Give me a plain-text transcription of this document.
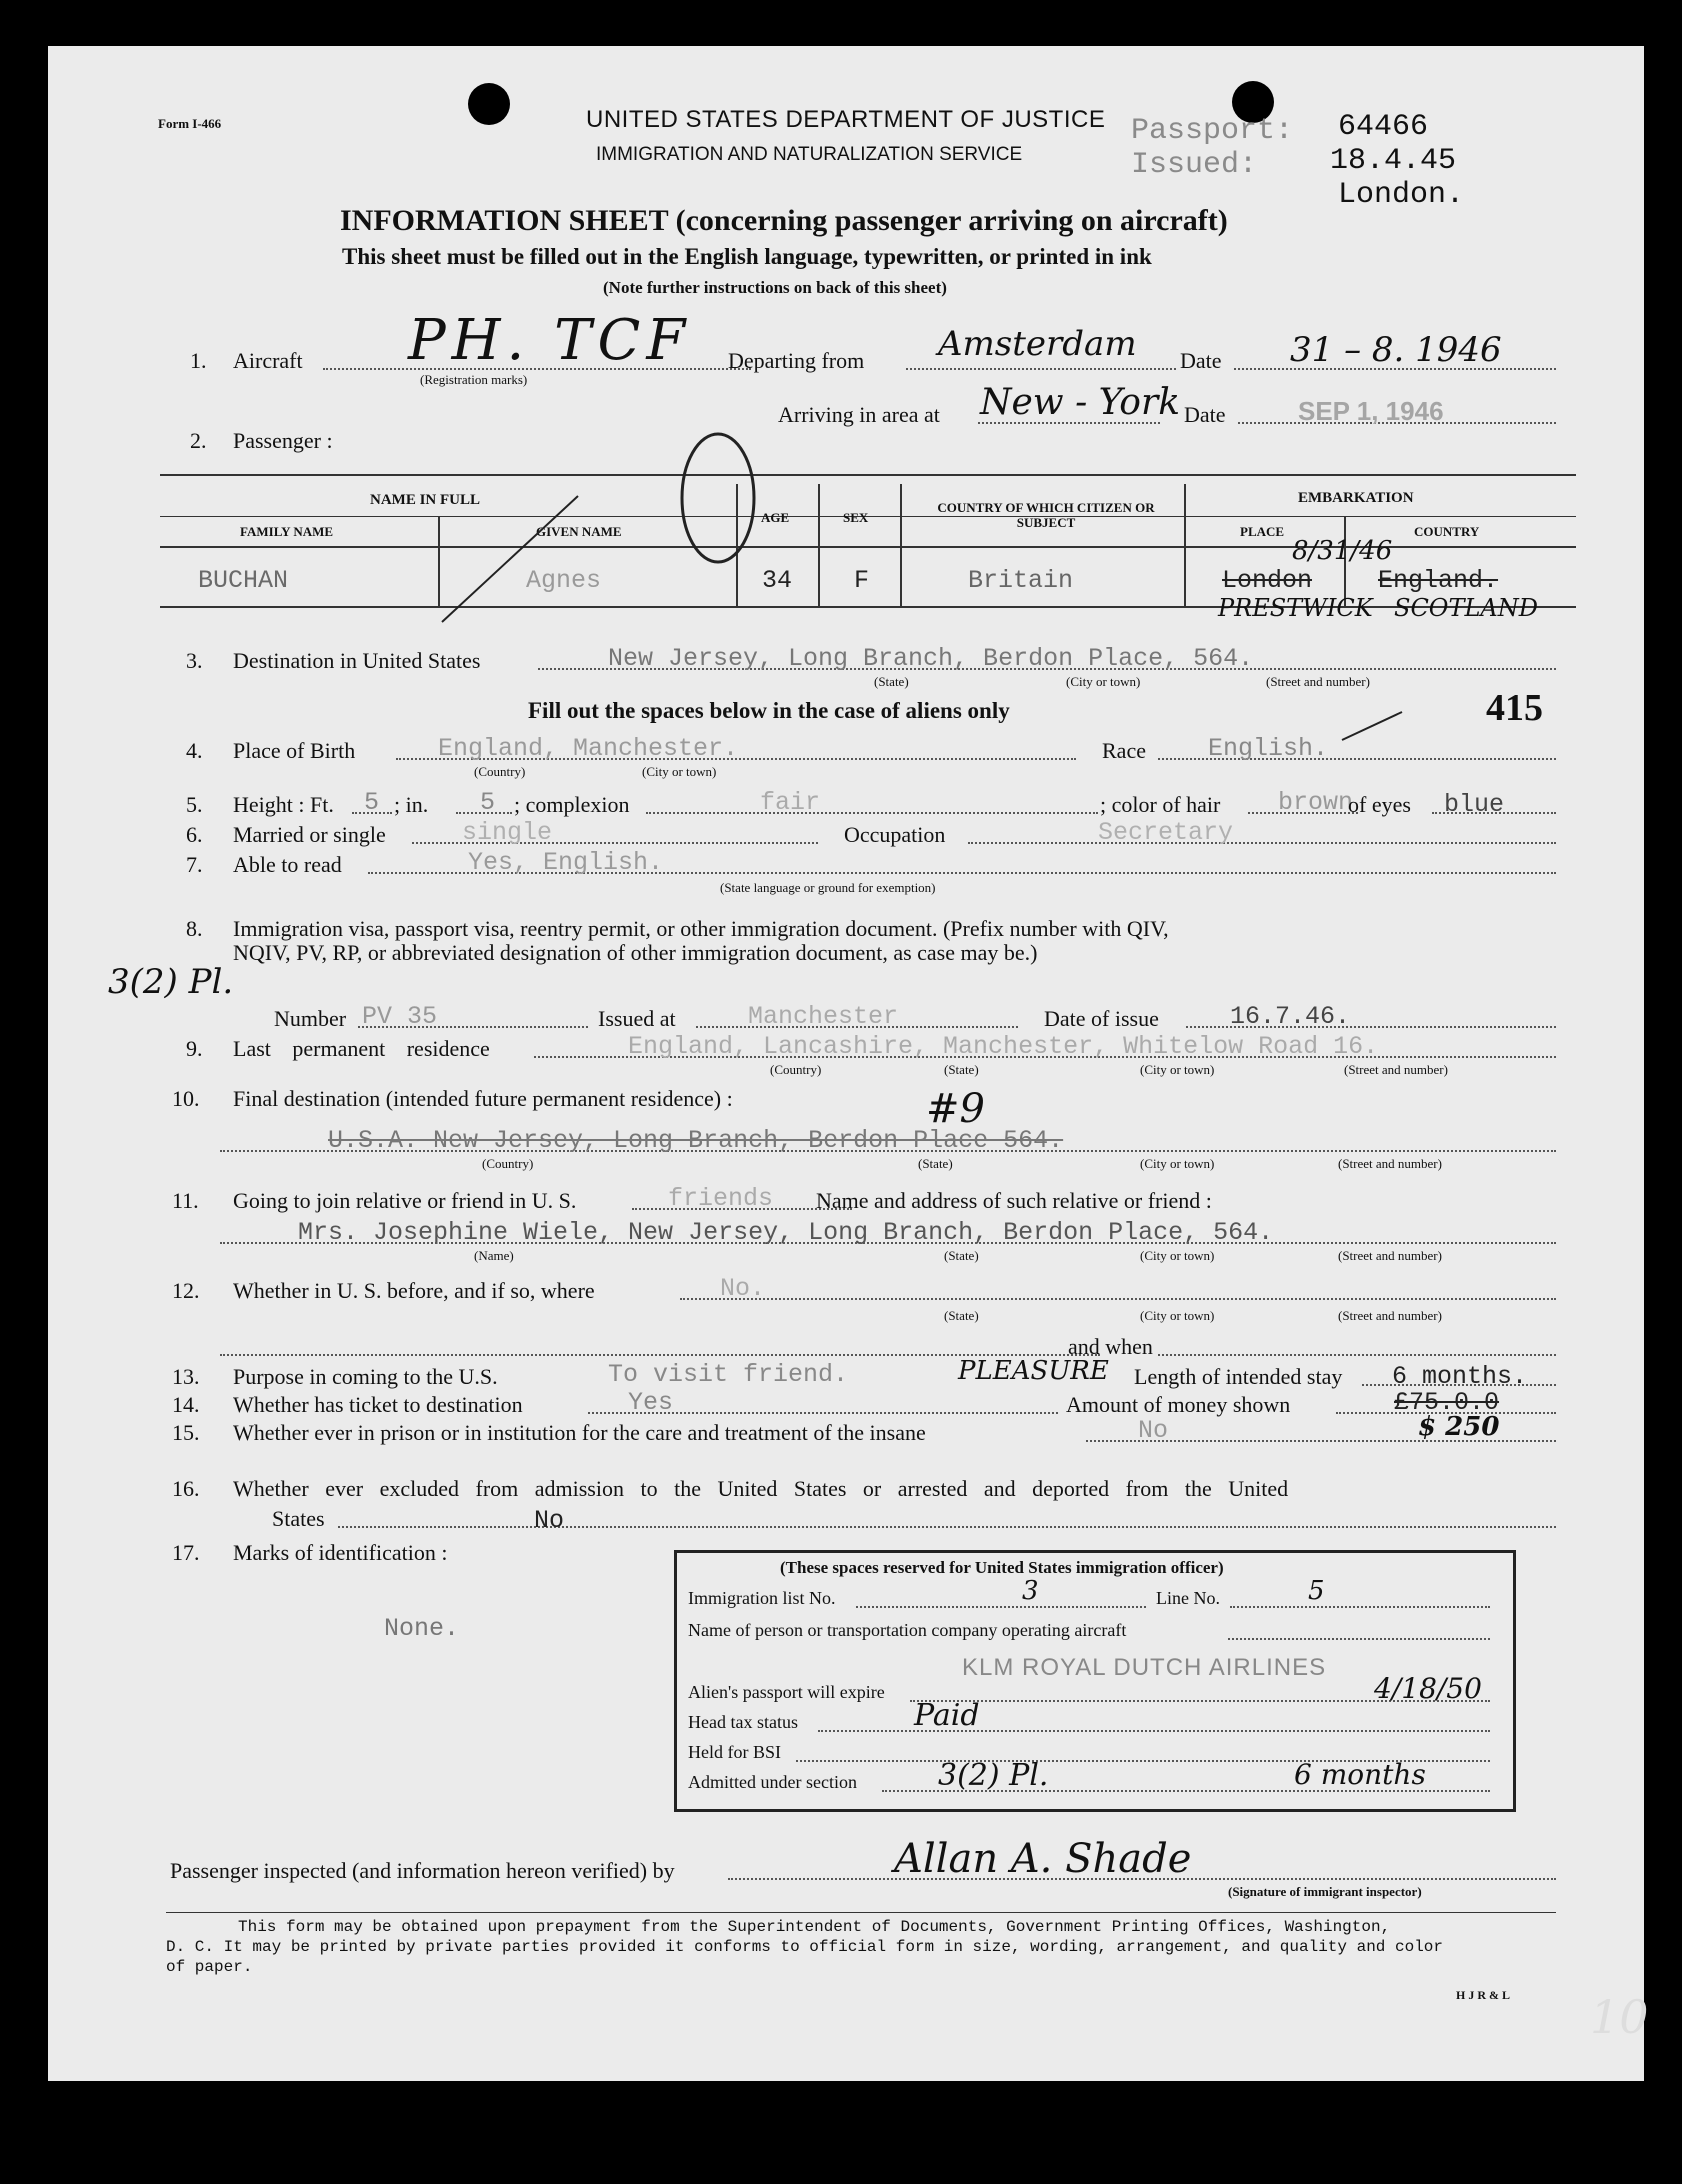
Form I-466	UNITED STATES DEPARTMENT OF JUSTICE
IMMIGRATION AND NATURALIZATION SERVICE
Passport: 64466
Issued: 18.4.45
London.
INFORMATION SHEET (concerning passenger arriving on aircraft)
This sheet must be filled out in the English language, typewritten, or printed in ink
(Note further instructions on back of this sheet)
1. Aircraft PH. TCF
(Registration marks)
Departing from Amsterdam Date 31 – 8. 1946
Arriving in area at New - York Date	SEP 1, 1946
2. Passenger :
NAME IN FULL
FAMILY NAME	GIVEN NAME
AGE	SEX
COUNTRY OF WHICH CITIZEN OR SUBJECT
EMBARKATION
PLACE	COUNTRY
BUCHAN	Agnes	34 F	Britain	London	England.
8/31/46
PRESTWICK SCOTLAND
3. Destination in United States	New Jersey, Long Branch, Berdon Place, 564.
(State)	(City or town)	(Street and number)
Fill out the spaces below in the case of aliens only	415
4. Place of Birth	England, Manchester.
(Country)	(City or town)
Race English.
5. Height : Ft. 5 ; in. 5 ; complexion	fair	; color of hair brown
of eyes blue
6. Married or single	single	Occupation	Secretary
7. Able to read	Yes, English.
(State language or ground for exemption)
8. Immigration visa, passport visa, reentry permit, or other immigration document. (Prefix number with QIV,
NQIV, PV, RP, or abbreviated designation of other immigration document, as case may be.)
3(2) Pl.
Number PV 35	Issued at	Manchester	Date of issue	16.7.46.
9. Last permanent residence	England, Lancashire, Manchester, Whitelow Road 16.
(Country)	(State)	(City or town)	(Street and number)
10. Final destination (intended future permanent residence) :
U.S.A. New Jersey, Long Branch, Berdon Place 564.
#9
(Country)	(State)	(City or town)	(Street and number)
11. Going to join relative or friend in U. S.	friends Name and address of such relative or friend :
Mrs. Josephine Wiele, New Jersey, Long Branch, Berdon Place, 564.
(Name)	(State)	(City or town)	(Street and number)
12. Whether in U. S. before, and if so, where	No.
(State)	(City or town)	(Street and number)
and when
13. Purpose in coming to the U.S.	To visit friend.	PLEASURE Length of intended stay 6 months.
14. Whether has ticket to destination	Yes	Amount of money shown	£75.0.0
15. Whether ever in prison or in institution for the care and treatment of the insane	No	$ 250
16. Whether ever excluded from admission to the United States or arrested and deported from the United
States	No
17. Marks of identification :
None.
(These spaces reserved for United States immigration officer)
Immigration list No.	3	Line No.	5
Name of person or transportation company operating aircraft
KLM ROYAL DUTCH AIRLINES
Alien's passport will expire	4/18/50
Head tax status	Paid
Held for BSI
Admitted under section	3(2) Pl.	6 months
Passenger inspected (and information hereon verified) by	Allan A. Shade
(Signature of immigrant inspector)
This form may be obtained upon prepayment from the Superintendent of Documents, Government Printing Offices, Washington,
D. C. It may be printed by private parties provided it conforms to official form in size, wording, arrangement, and quality and color
of paper.
H J R & L 10
